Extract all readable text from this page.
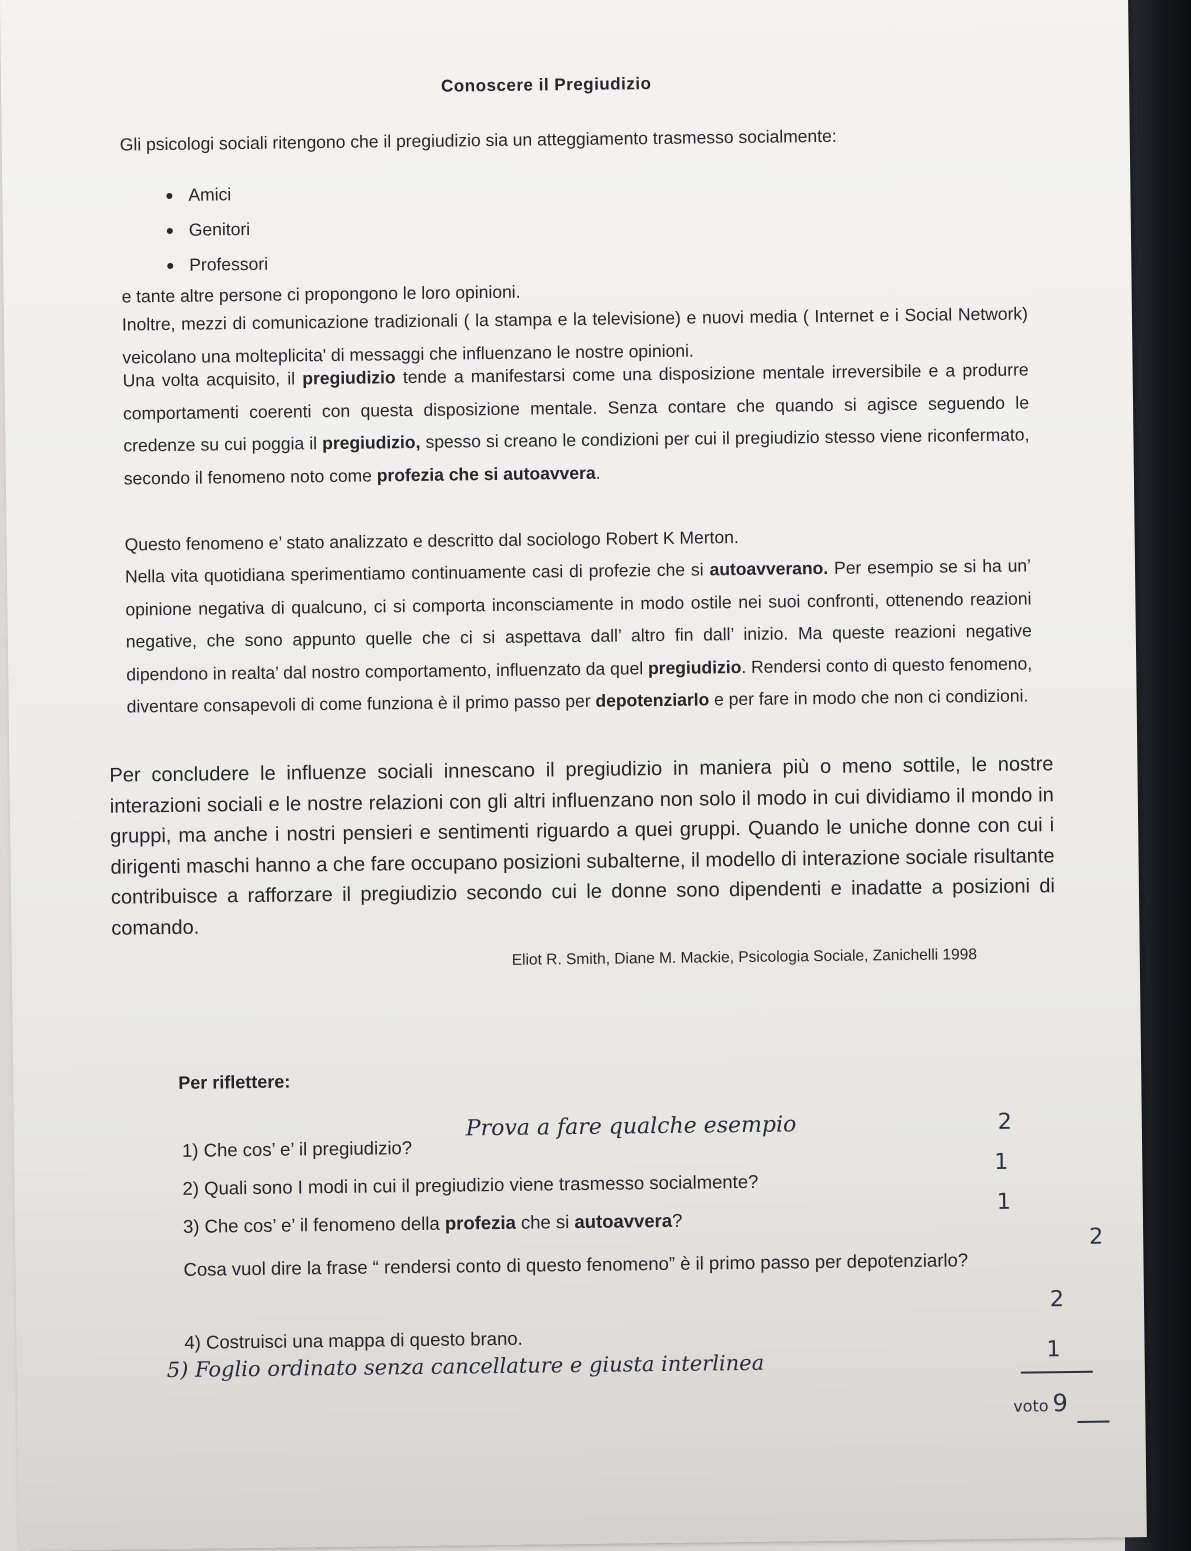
Conoscere il Pregiudizio
Gli psicologi sociali ritengono che il pregiudizio sia un atteggiamento trasmesso socialmente:
Amici
Genitori
Professori
e tante altre persone ci propongono le loro opinioni.
Inoltre, mezzi di comunicazione tradizionali ( la stampa e la televisione) e nuovi media ( Internet e i Social Network) veicolano una molteplicita' di messaggi che influenzano le nostre opinioni.
Una volta acquisito, il pregiudizio tende a manifestarsi come una disposizione mentale irreversibile e a produrre comportamenti coerenti con questa disposizione mentale. Senza contare che quando si agisce seguendo le credenze su cui poggia il pregiudizio, spesso si creano le condizioni per cui il pregiudizio stesso viene riconfermato, secondo il fenomeno noto come profezia che si autoavvera.
Questo fenomeno e’ stato analizzato e descritto dal sociologo Robert K Merton.
Nella vita quotidiana sperimentiamo continuamente casi di profezie che si autoavverano. Per esempio se si ha un’ opinione negativa di qualcuno, ci si comporta inconsciamente in modo ostile nei suoi confronti, ottenendo reazioni negative, che sono appunto quelle che ci si aspettava dall’ altro fin dall’ inizio. Ma queste reazioni negative dipendono in realta’ dal nostro comportamento, influenzato da quel pregiudizio. Rendersi conto di questo fenomeno, diventare consapevoli di come funziona è il primo passo per depotenziarlo e per fare in modo che non ci condizioni.
Per concludere le influenze sociali innescano il pregiudizio in maniera più o meno sottile, le nostre interazioni sociali e le nostre relazioni con gli altri influenzano non solo il modo in cui dividiamo il mondo in gruppi, ma anche i nostri pensieri e sentimenti riguardo a quei gruppi. Quando le uniche donne con cui i dirigenti maschi hanno a che fare occupano posizioni subalterne, il modello di interazione sociale risultante contribuisce a rafforzare il pregiudizio secondo cui le donne sono dipendenti e inadatte a posizioni di comando.
Eliot R. Smith, Diane M. Mackie, Psicologia Sociale, Zanichelli 1998
Per riflettere:
1) Che cos’ e’ il pregiudizio?
Prova a fare qualche esempio
2) Quali sono I modi in cui il pregiudizio viene trasmesso socialmente?
3) Che cos’ e’ il fenomeno della profezia che si autoavvera?
Cosa vuol dire la frase “ rendersi conto di questo fenomeno” è il primo passo per depotenziarlo?
4) Costruisci una mappa di questo brano.
5) Foglio ordinato senza cancellature e giusta interlinea
2
1
1
2
2
1
voto 9
